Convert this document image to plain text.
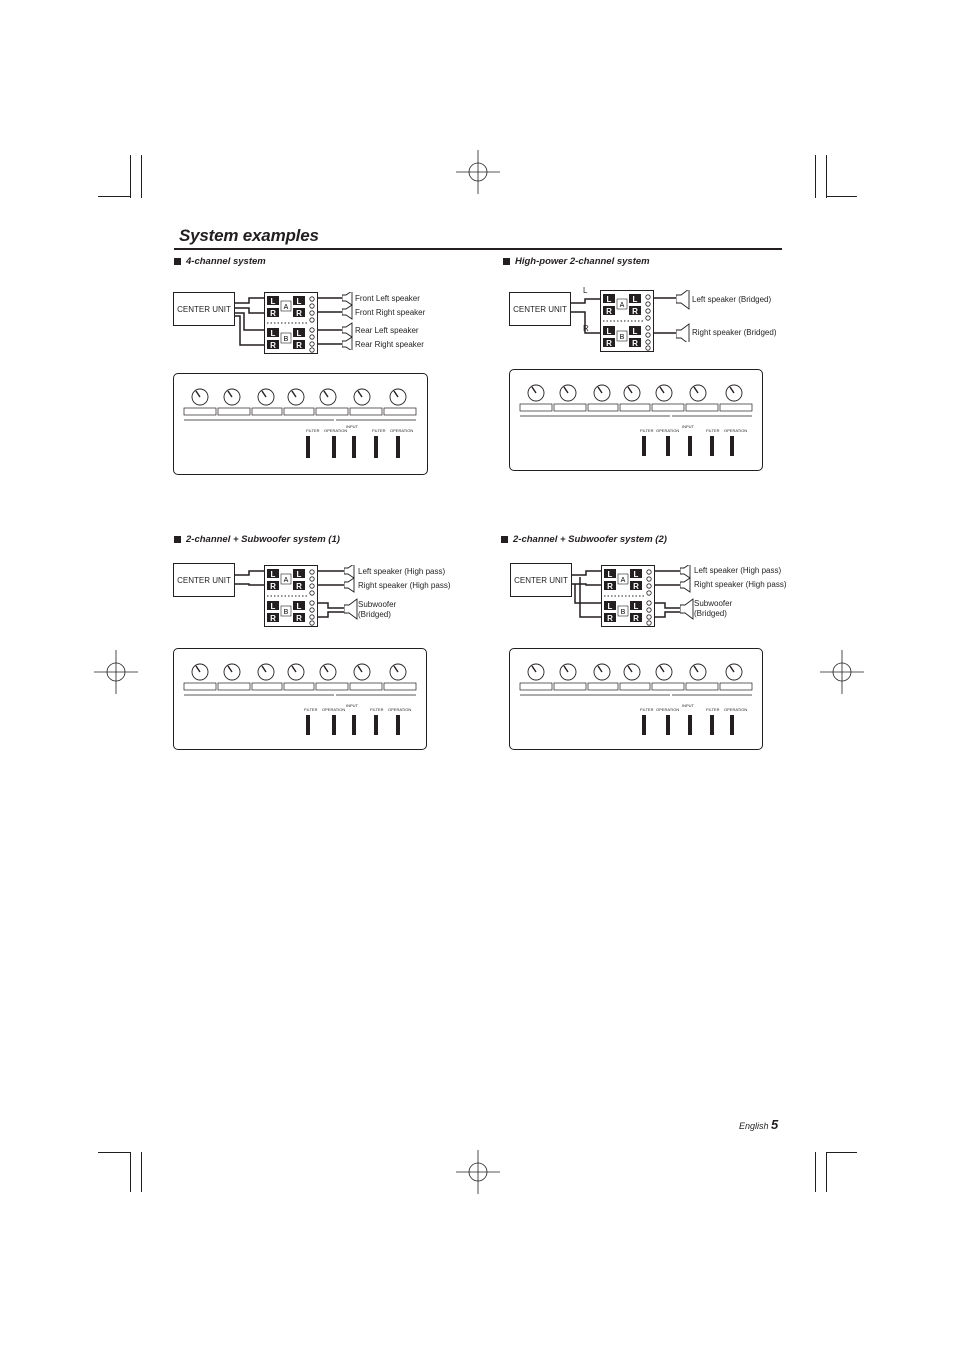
System examples
4-channel system
CENTER UNIT
L
R
L
R
A
L
R
L
R
B
Front Left speaker
Front Right speaker
Rear Left speaker
Rear Right speaker
FILTER OPERATION
INPUT
FILTER OPERATION
High-power 2-channel system
CENTER UNIT
L
R
L
R
L
R
A
L
R
L
R
B
Left speaker (Bridged)
Right speaker (Bridged)
FILTER OPERATION
INPUT
FILTER OPERATION
2-channel + Subwoofer system (1)
CENTER UNIT
L
R
L
R
A
L
R
L
R
B
Left speaker (High pass)
Right speaker (High pass)
Subwoofer
(Bridged)
FILTER OPERATION
INPUT
FILTER OPERATION
2-channel + Subwoofer system (2)
CENTER UNIT
L
R
L
R
A
L
R
L
R
B
Left speaker (High pass)
Right speaker (High pass)
Subwoofer
(Bridged)
FILTER OPERATION
INPUT
FILTER OPERATION
English 5
